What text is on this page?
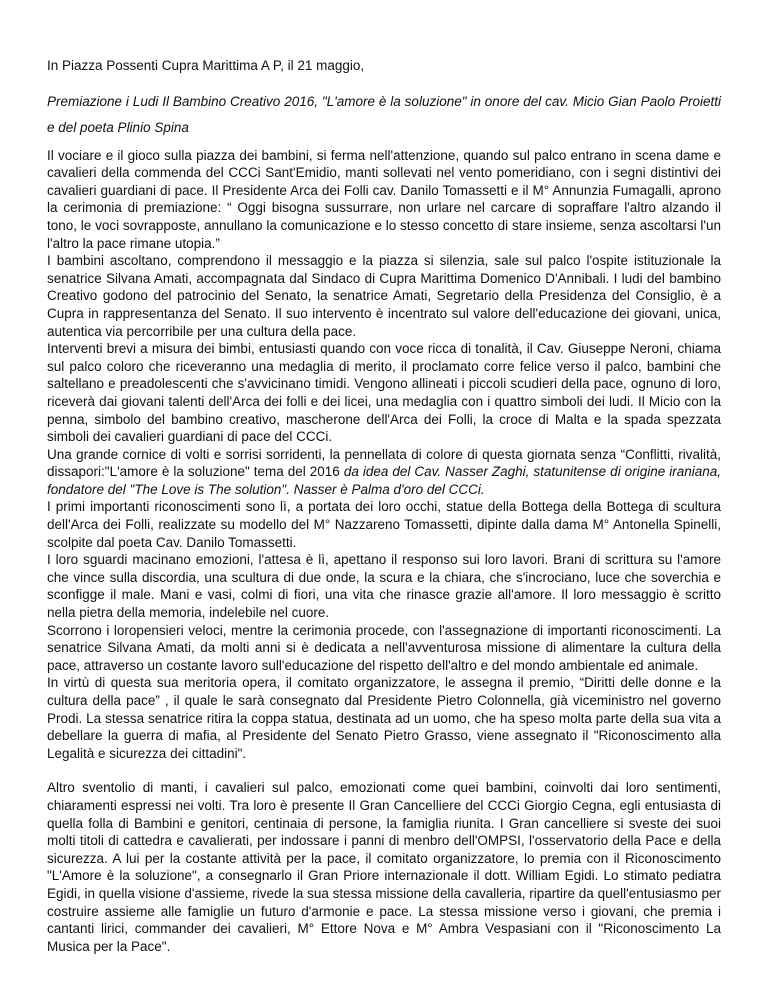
In Piazza Possenti Cupra Marittima A P, il 21 maggio,

Premiazione i Ludi Il Bambino Creativo 2016, "L'amore è la soluzione" in onore del cav. Micio Gian Paolo Proietti e del poeta Plinio Spina

Il vociare e il gioco sulla piazza dei bambini, si ferma nell'attenzione, quando sul palco entrano in scena dame e cavalieri della commenda del CCCi Sant'Emidio, manti sollevati nel vento pomeridiano, con i segni distintivi dei cavalieri guardiani di pace. Il Presidente Arca dei Folli cav. Danilo Tomassetti e il M° Annunzia Fumagalli, aprono la cerimonia di premiazione: “ Oggi bisogna sussurrare, non urlare nel carcare di sopraffare l'altro alzando il tono, le voci sovrapposte, annullano la comunicazione e lo stesso concetto di stare insieme, senza ascoltarsi l'un l'altro la pace rimane utopia.”

I bambini ascoltano, comprendono il messaggio e la piazza si silenzia, sale sul palco l'ospite istituzionale la senatrice Silvana Amati, accompagnata dal Sindaco di Cupra Marittima Domenico D'Annibali. I ludi del bambino Creativo godono del patrocinio del Senato, la senatrice Amati, Segretario della Presidenza del Consiglio, è a Cupra in rappresentanza del Senato. Il suo intervento è incentrato sul valore dell'educazione dei giovani, unica, autentica via percorribile per una cultura della pace.

Interventi brevi a misura dei bimbi, entusiasti quando con voce ricca di tonalità, il Cav. Giuseppe Neroni, chiama sul palco coloro che riceveranno una medaglia di merito, il proclamato corre felice verso il palco, bambini che saltellano e preadolescenti che s'avvicinano timidi. Vengono allineati i piccoli scudieri della pace, ognuno di loro, riceverà dai giovani talenti dell'Arca dei folli e dei licei, una medaglia con i quattro simboli dei ludi. Il Micio con la penna, simbolo del bambino creativo, mascherone dell'Arca dei Folli, la croce di Malta e la spada spezzata simboli dei cavalieri guardiani di pace del CCCi.

Una grande cornice di volti e sorrisi sorridenti, la pennellata di colore di questa giornata senza “Conflitti, rivalità, dissapori:"L'amore è la soluzione" tema del 2016 da idea del Cav. Nasser Zaghi, statunitense di origine iraniana, fondatore del "The Love is The solution". Nasser è Palma d'oro del CCCi.

I primi importanti riconoscimenti sono lì, a portata dei loro occhi, statue della Bottega della Bottega di scultura dell'Arca dei Folli, realizzate su modello del M° Nazzareno Tomassetti, dipinte dalla dama M° Antonella Spinelli, scolpite dal poeta Cav. Danilo Tomassetti.

I loro sguardi macinano emozioni, l'attesa è lì, apettano il responso sui loro lavori. Brani di scrittura su l'amore che vince sulla discordia, una scultura di due onde, la scura e la chiara, che s'incrociano, luce che soverchia e sconfigge il male. Mani e vasi, colmi di fiori, una vita che rinasce grazie all'amore. Il loro messaggio è scritto nella pietra della memoria, indelebile nel cuore.

Scorrono i loropensieri veloci, mentre la cerimonia procede, con l'assegnazione di importanti riconoscimenti. La senatrice Silvana Amati, da molti anni si è dedicata a nell'avventurosa missione di alimentare la cultura della pace, attraverso un costante lavoro sull'educazione del rispetto dell'altro e del mondo ambientale ed animale.

In virtù di questa sua meritoria opera, il comitato organizzatore, le assegna il premio, “Diritti delle donne e la cultura della pace” , il quale le sarà consegnato dal Presidente Pietro Colonnella, già viceministro nel governo Prodi. La stessa senatrice ritira la coppa statua, destinata ad un uomo, che ha speso molta parte della sua vita a debellare la guerra di mafia, al Presidente del Senato Pietro Grasso, viene assegnato il "Riconoscimento alla Legalità e sicurezza dei cittadini".

Altro sventolio di manti, i cavalieri sul palco, emozionati come quei bambini, coinvolti dai loro sentimenti, chiaramenti espressi nei volti. Tra loro è presente Il Gran Cancelliere del CCCi Giorgio Cegna, egli entusiasta di quella folla di Bambini e genitori, centinaia di persone, la famiglia riunita. I Gran cancelliere si sveste dei suoi molti titoli di cattedra e cavalierati, per indossare i panni di menbro dell'OMPSI, l'osservatorio della Pace e della sicurezza. A lui per la costante attività per la pace, il comitato organizzatore, lo premia con il Riconoscimento "L'Amore è la soluzione", a consegnarlo il Gran Priore internazionale il dott. William Egidi. Lo stimato pediatra Egidi, in quella visione d'assieme, rivede la sua stessa missione della cavalleria, ripartire da quell'entusiasmo per costruire assieme alle famiglie un futuro d'armonie e pace. La stessa missione verso i giovani, che premia i cantanti lirici, commander dei cavalieri, M° Ettore Nova e M° Ambra Vespasiani con il "Riconoscimento La Musica per la Pace".
